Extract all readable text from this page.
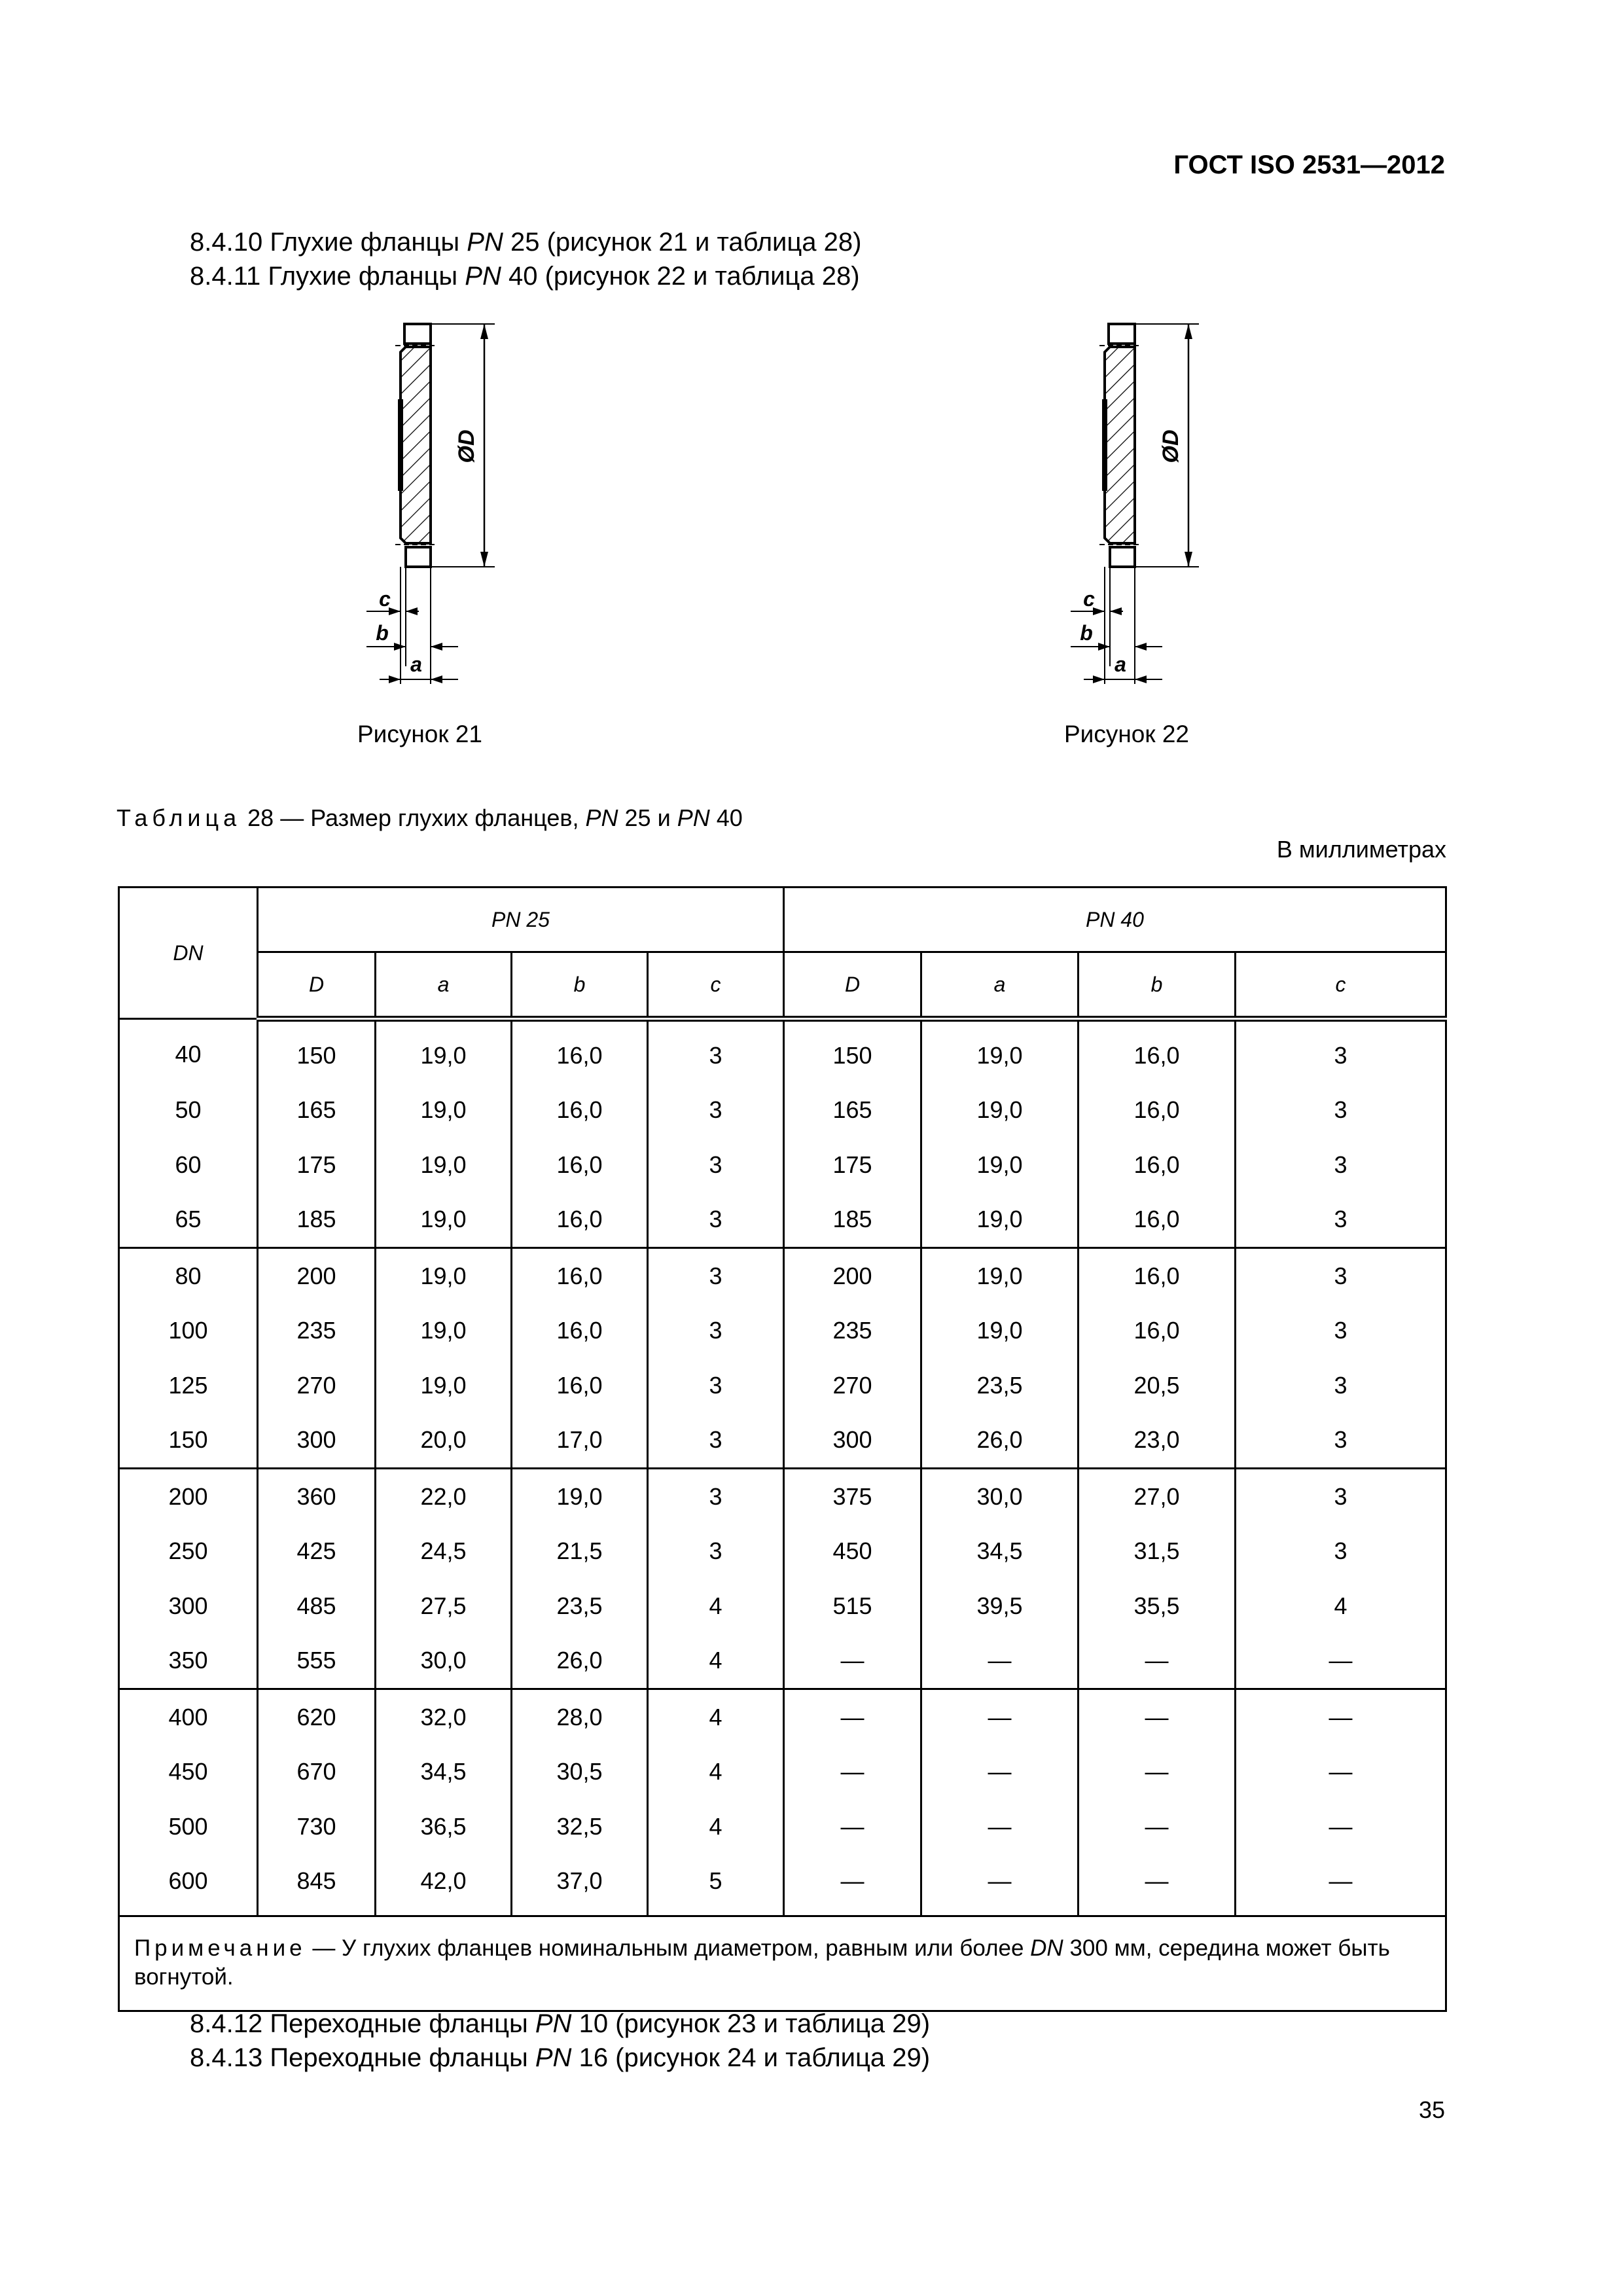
ГОСТ ISO 2531—2012
8.4.10 Глухие фланцы PN 25 (рисунок 21 и таблица 28)
8.4.11 Глухие фланцы PN 40 (рисунок 22 и таблица 28)
ØD
c
b
a
Рисунок 21
ØD
c
b
a
Рисунок 22
Таблица 28 — Размер глухих фланцев, PN 25 и PN 40
В миллиметрах
DN	PN 25				PN 40			
	D	a	b	c	D	a	b	c
40	150	19,0	16,0	3	150	19,0	16,0	3
50	165	19,0	16,0	3	165	19,0	16,0	3
60	175	19,0	16,0	3	175	19,0	16,0	3
65	185	19,0	16,0	3	185	19,0	16,0	3
80	200	19,0	16,0	3	200	19,0	16,0	3
100	235	19,0	16,0	3	235	19,0	16,0	3
125	270	19,0	16,0	3	270	23,5	20,5	3
150	300	20,0	17,0	3	300	26,0	23,0	3
200	360	22,0	19,0	3	375	30,0	27,0	3
250	425	24,5	21,5	3	450	34,5	31,5	3
300	485	27,5	23,5	4	515	39,5	35,5	4
350	555	30,0	26,0	4	—	—	—	—
400	620	32,0	28,0	4	—	—	—	—
450	670	34,5	30,5	4	—	—	—	—
500	730	36,5	32,5	4	—	—	—	—
600	845	42,0	37,0	5	—	—	—	—
Примечание — У глухих фланцев номинальным диаметром, равным или более DN 300 мм, середина может быть вогнутой.								
8.4.12 Переходные фланцы PN 10 (рисунок 23 и таблица 29)
8.4.13 Переходные фланцы PN 16 (рисунок 24 и таблица 29)
35
